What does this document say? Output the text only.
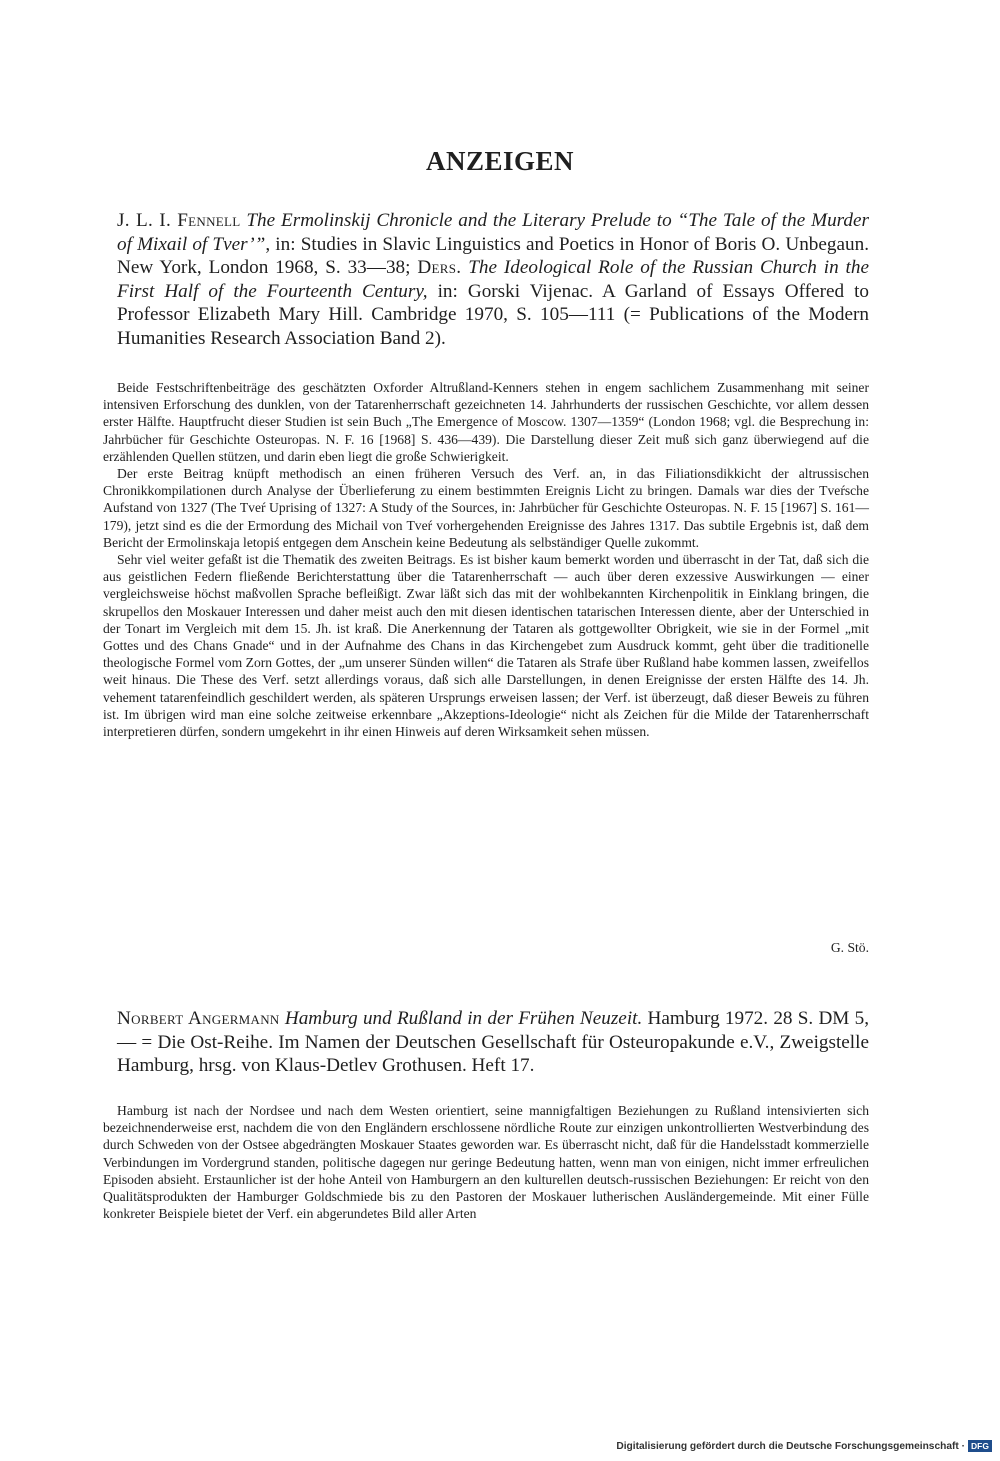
ANZEIGEN
J. L. I. Fennell The Ermolinskij Chronicle and the Literary Prelude to “The Tale of the Murder of Mixail of Tver’”, in: Studies in Slavic Linguistics and Poetics in Honor of Boris O. Unbegaun. New York, London 1968, S. 33—38; Ders. The Ideological Role of the Russian Church in the First Half of the Fourteenth Century, in: Gorski Vijenac. A Garland of Essays Offered to Professor Elizabeth Mary Hill. Cambridge 1970, S. 105—111 (= Publications of the Modern Humanities Research Association Band 2).

Beide Festschriftenbeiträge des geschätzten Oxforder Altrußland-Kenners stehen in engem sachlichem Zusammenhang mit seiner intensiven Erforschung des dunklen, von der Tatarenherrschaft gezeichneten 14. Jahrhunderts der russischen Geschichte, vor allem dessen erster Hälfte. Hauptfrucht dieser Studien ist sein Buch „The Emergence of Moscow. 1307—1359“ (London 1968; vgl. die Besprechung in: Jahrbücher für Geschichte Osteuropas. N. F. 16 [1968] S. 436—439). Die Darstellung dieser Zeit muß sich ganz überwiegend auf die erzählenden Quellen stützen, und darin eben liegt die große Schwierigkeit.

Der erste Beitrag knüpft methodisch an einen früheren Versuch des Verf. an, in das Filiationsdikkicht der altrussischen Chronikkompilationen durch Analyse der Überlieferung zu einem bestimmten Ereignis Licht zu bringen. Damals war dies der Tveŕsche Aufstand von 1327 (The Tveŕ Uprising of 1327: A Study of the Sources, in: Jahrbücher für Geschichte Osteuropas. N. F. 15 [1967] S. 161—179), jetzt sind es die der Ermordung des Michail von Tveŕ vorhergehenden Ereignisse des Jahres 1317. Das subtile Ergebnis ist, daß dem Bericht der Ermolinskaja letopiś entgegen dem Anschein keine Bedeutung als selbständiger Quelle zukommt.

Sehr viel weiter gefaßt ist die Thematik des zweiten Beitrags. Es ist bisher kaum bemerkt worden und überrascht in der Tat, daß sich die aus geistlichen Federn fließende Berichterstattung über die Tatarenherrschaft — auch über deren exzessive Auswirkungen — einer vergleichsweise höchst maßvollen Sprache befleißigt. Zwar läßt sich das mit der wohlbekannten Kirchenpolitik in Einklang bringen, die skrupellos den Moskauer Interessen und daher meist auch den mit diesen identischen tatarischen Interessen diente, aber der Unterschied in der Tonart im Vergleich mit dem 15. Jh. ist kraß. Die Anerkennung der Tataren als gottgewollter Obrigkeit, wie sie in der Formel „mit Gottes und des Chans Gnade“ und in der Aufnahme des Chans in das Kirchengebet zum Ausdruck kommt, geht über die traditionelle theologische Formel vom Zorn Gottes, der „um unserer Sünden willen“ die Tataren als Strafe über Rußland habe kommen lassen, zweifellos weit hinaus. Die These des Verf. setzt allerdings voraus, daß sich alle Darstellungen, in denen Ereignisse der ersten Hälfte des 14. Jh. vehement tatarenfeindlich geschildert werden, als späteren Ursprungs erweisen lassen; der Verf. ist überzeugt, daß dieser Beweis zu führen ist. Im übrigen wird man eine solche zeitweise erkennbare „Akzeptions-Ideologie“ nicht als Zeichen für die Milde der Tatarenherrschaft interpretieren dürfen, sondern umgekehrt in ihr einen Hinweis auf deren Wirksamkeit sehen müssen.

G. Stö.
Norbert Angermann Hamburg und Rußland in der Frühen Neuzeit. Hamburg 1972. 28 S. DM 5,— = Die Ost-Reihe. Im Namen der Deutschen Gesellschaft für Osteuropakunde e.V., Zweigstelle Hamburg, hrsg. von Klaus-Detlev Grothusen. Heft 17.

Hamburg ist nach der Nordsee und nach dem Westen orientiert, seine mannigfaltigen Beziehungen zu Rußland intensivierten sich bezeichnenderweise erst, nachdem die von den Engländern erschlossene nördliche Route zur einzigen unkontrollierten Westverbindung des durch Schweden von der Ostsee abgedrängten Moskauer Staates geworden war. Es überrascht nicht, daß für die Handelsstadt kommerzielle Verbindungen im Vordergrund standen, politische dagegen nur geringe Bedeutung hatten, wenn man von einigen, nicht immer erfreulichen Episoden absieht. Erstaunlicher ist der hohe Anteil von Hamburgern an den kulturellen deutsch-russischen Beziehungen: Er reicht von den Qualitätsprodukten der Hamburger Goldschmiede bis zu den Pastoren der Moskauer lutherischen Ausländergemeinde. Mit einer Fülle konkreter Beispiele bietet der Verf. ein abgerundetes Bild aller Arten

Digitalisierung gefördert durch die Deutsche Forschungsgemeinschaft · DFG
